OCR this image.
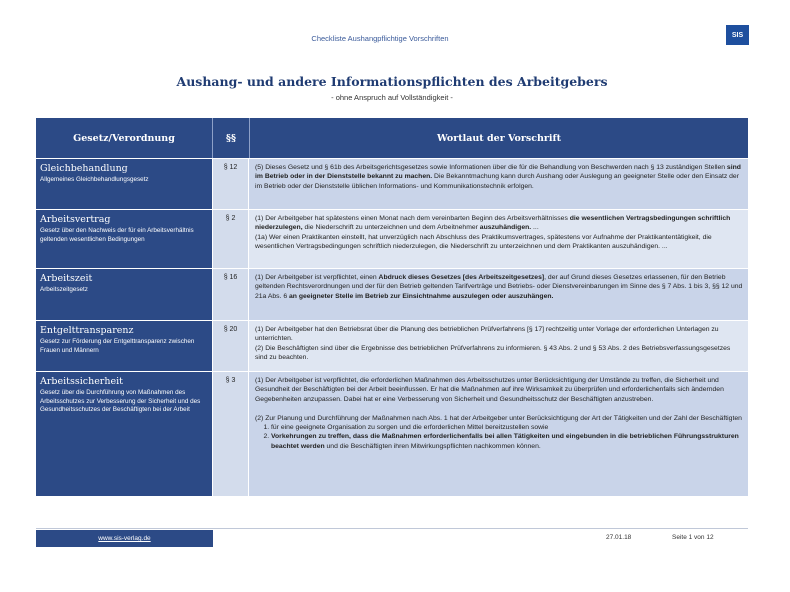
Checkliste Aushangpflichtige Vorschriften	SIS
Aushang- und andere Informationspflichten des Arbeitgebers
- ohne Anspruch auf Vollständigkeit -
Gesetz/Verordnung	§§	Wortlaut der Vorschrift
Gleichbehandlung
Allgemeines Gleichbehandlungsgesetz
§ 12	(5) Dieses Gesetz und § 61b des Arbeitsgerichtsgesetzes sowie Informationen über die für die Behandlung von Beschwerden nach § 13 zuständigen Stellen sind im Betrieb oder in der Dienststelle bekannt zu machen. Die Bekanntmachung kann durch Aushang oder Auslegung an geeigneter Stelle oder den Einsatz der im Betrieb oder der Dienststelle üblichen Informations- und Kommunikationstechnik erfolgen.
Arbeitsvertrag
Gesetz über den Nachweis der für ein Arbeitsverhältnis geltenden wesentlichen Bedingungen
§ 2	(1) Der Arbeitgeber hat spätestens einen Monat nach dem vereinbarten Beginn des Arbeitsverhältnisses die wesentlichen Vertragsbedingungen schriftlich niederzulegen, die Niederschrift zu unterzeichnen und dem Arbeitnehmer auszuhändigen. ...
(1a) Wer einen Praktikanten einstellt, hat unverzüglich nach Abschluss des Praktikumsvertrages, spätestens vor Aufnahme der Praktikantentätigkeit, die wesentlichen Vertragsbedingungen schriftlich niederzulegen, die Niederschrift zu unterzeichnen und dem Praktikanten auszuhändigen. ...
Arbeitszeit
Arbeitszeitgesetz
§ 16	(1) Der Arbeitgeber ist verpflichtet, einen Abdruck dieses Gesetzes [des Arbeitszeitgesetzes], der auf Grund dieses Gesetzes erlassenen, für den Betrieb geltenden Rechtsverordnungen und der für den Betrieb geltenden Tarifverträge und Betriebs- oder Dienstvereinbarungen im Sinne des § 7 Abs. 1 bis 3, §§ 12 und 21a Abs. 6 an geeigneter Stelle im Betrieb zur Einsichtnahme auszulegen oder auszuhängen.
Entgelttransparenz
Gesetz zur Förderung der Entgelttransparenz zwischen Frauen und Männern
§ 20	(1) Der Arbeitgeber hat den Betriebsrat über die Planung des betrieblichen Prüfverfahrens [§ 17] rechtzeitig unter Vorlage der erforderlichen Unterlagen zu unterrichten.
(2) Die Beschäftigten sind über die Ergebnisse des betrieblichen Prüfverfahrens zu informieren. § 43 Abs. 2 und § 53 Abs. 2 des Betriebsverfassungsgesetzes sind zu beachten.
Arbeitssicherheit
Gesetz über die Durchführung von Maßnahmen des Arbeitsschutzes zur Verbesserung der Sicherheit und des Gesundheitsschutzes der Beschäftigten bei der Arbeit
§ 3	(1) Der Arbeitgeber ist verpflichtet, die erforderlichen Maßnahmen des Arbeitsschutzes unter Berücksichtigung der Umstände zu treffen, die Sicherheit und Gesundheit der Beschäftigten bei der Arbeit beeinflussen. Er hat die Maßnahmen auf ihre Wirksamkeit zu überprüfen und erforderlichenfalls sich ändernden Gegebenheiten anzupassen. Dabei hat er eine Verbesserung von Sicherheit und Gesundheitsschutz der Beschäftigten anzustreben.

(2) Zur Planung und Durchführung der Maßnahmen nach Abs. 1 hat der Arbeitgeber unter Berücksichtigung der Art der Tätigkeiten und der Zahl der Beschäftigten
1. für eine geeignete Organisation zu sorgen und die erforderlichen Mittel bereitzustellen sowie
2. Vorkehrungen zu treffen, dass die Maßnahmen erforderlichenfalls bei allen Tätigkeiten und eingebunden in die betrieblichen Führungsstrukturen beachtet werden und die Beschäftigten ihren Mitwirkungspflichten nachkommen können.
www.sis-verlag.de	27.01.18	Seite 1 von 12
